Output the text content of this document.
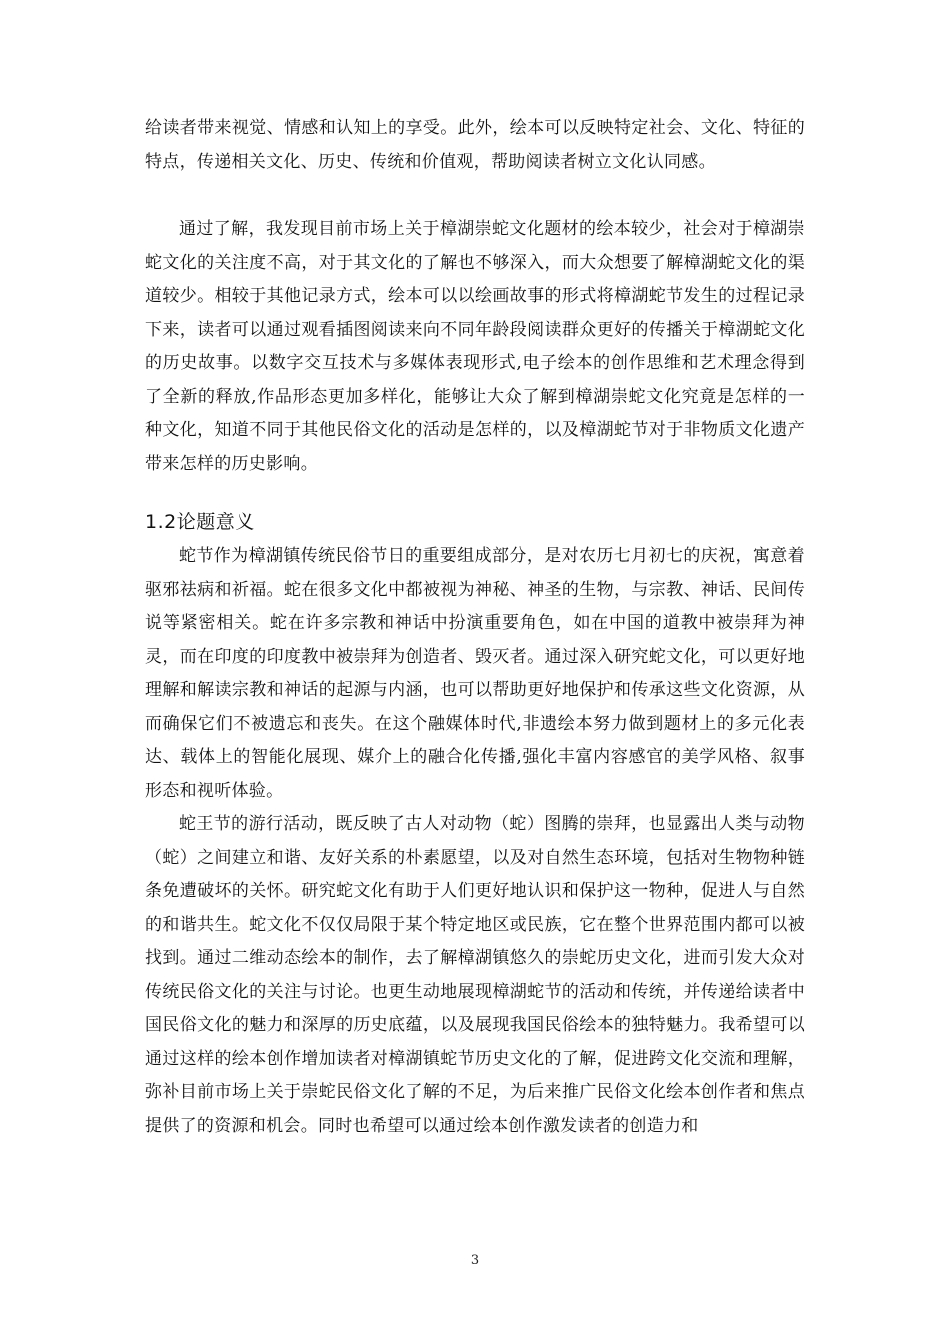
给读者带来视觉、情感和认知上的享受。此外，绘本可以反映特定社会、文化、特征的特点，传递相关文化、历史、传统和价值观，帮助阅读者树立文化认同感。

通过了解，我发现目前市场上关于樟湖崇蛇文化题材的绘本较少，社会对于樟湖崇蛇文化的关注度不高，对于其文化的了解也不够深入，而大众想要了解樟湖蛇文化的渠道较少。相较于其他记录方式，绘本可以以绘画故事的形式将樟湖蛇节发生的过程记录下来，读者可以通过观看插图阅读来向不同年龄段阅读群众更好的传播关于樟湖蛇文化的历史故事。以数字交互技术与多媒体表现形式,电子绘本的创作思维和艺术理念得到了全新的释放,作品形态更加多样化，能够让大众了解到樟湖崇蛇文化究竟是怎样的一种文化，知道不同于其他民俗文化的活动是怎样的，以及樟湖蛇节对于非物质文化遗产带来怎样的历史影响。

1.2论题意义

蛇节作为樟湖镇传统民俗节日的重要组成部分，是对农历七月初七的庆祝，寓意着驱邪祛病和祈福。蛇在很多文化中都被视为神秘、神圣的生物，与宗教、神话、民间传说等紧密相关。蛇在许多宗教和神话中扮演重要角色，如在中国的道教中被崇拜为神灵，而在印度的印度教中被崇拜为创造者、毁灭者。通过深入研究蛇文化，可以更好地理解和解读宗教和神话的起源与内涵，也可以帮助更好地保护和传承这些文化资源，从而确保它们不被遗忘和丧失。在这个融媒体时代,非遗绘本努力做到题材上的多元化表达、载体上的智能化展现、媒介上的融合化传播,强化丰富内容感官的美学风格、叙事形态和视听体验。

蛇王节的游行活动，既反映了古人对动物（蛇）图腾的崇拜，也显露出人类与动物（蛇）之间建立和谐、友好关系的朴素愿望，以及对自然生态环境，包括对生物物种链条免遭破坏的关怀。研究蛇文化有助于人们更好地认识和保护这一物种，促进人与自然的和谐共生。蛇文化不仅仅局限于某个特定地区或民族，它在整个世界范围内都可以被找到。通过二维动态绘本的制作，去了解樟湖镇悠久的崇蛇历史文化，进而引发大众对传统民俗文化的关注与讨论。也更生动地展现樟湖蛇节的活动和传统，并传递给读者中国民俗文化的魅力和深厚的历史底蕴，以及展现我国民俗绘本的独特魅力。我希望可以通过这样的绘本创作增加读者对樟湖镇蛇节历史文化的了解，促进跨文化交流和理解，弥补目前市场上关于崇蛇民俗文化了解的不足，为后来推广民俗文化绘本创作者和焦点提供了的资源和机会。同时也希望可以通过绘本创作激发读者的创造力和

3
